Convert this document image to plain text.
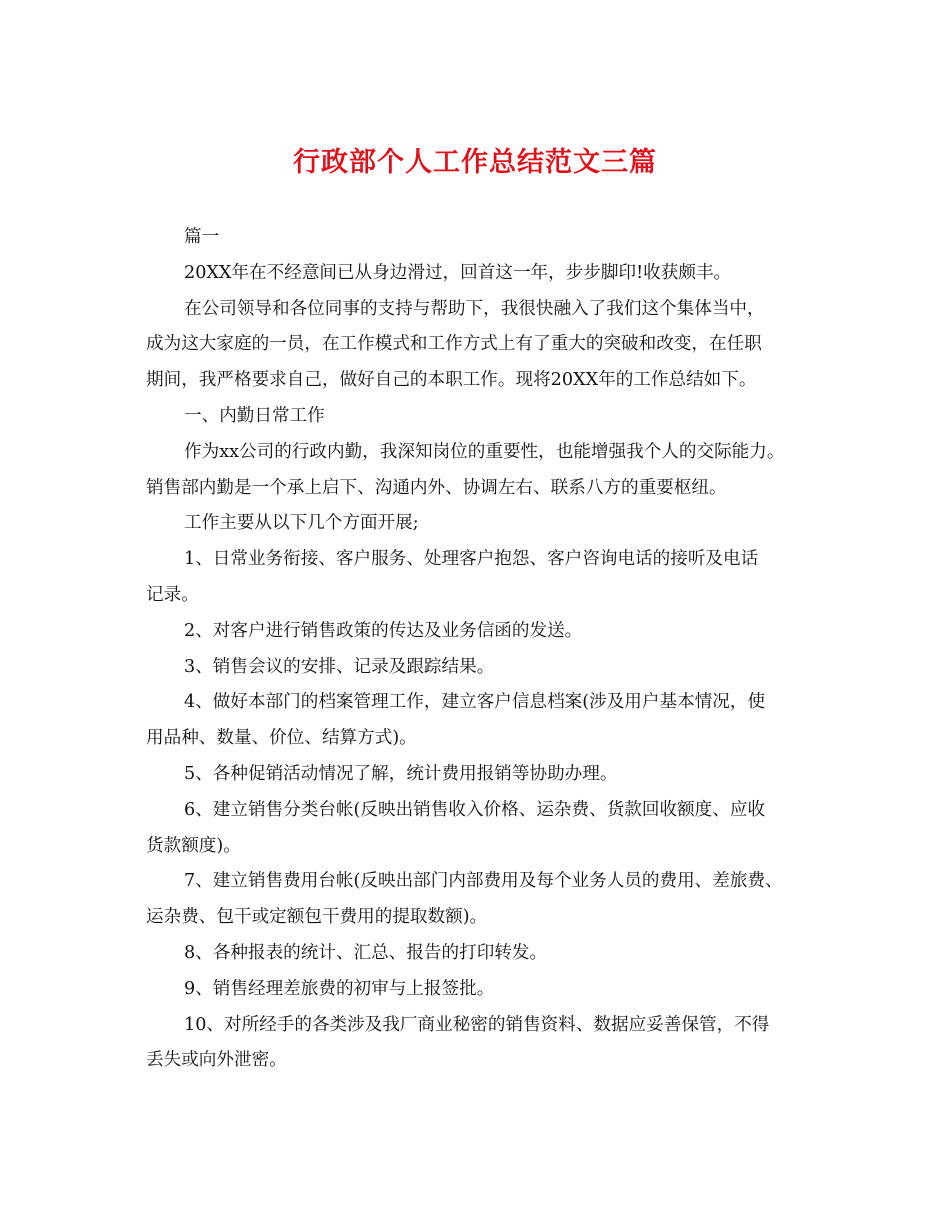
行政部个人工作总结范文三篇

篇一

20XX年在不经意间已从身边滑过，回首这一年，步步脚印!收获颇丰。

在公司领导和各位同事的支持与帮助下，我很快融入了我们这个集体当中，
成为这大家庭的一员，在工作模式和工作方式上有了重大的突破和改变，在任职
期间，我严格要求自己，做好自己的本职工作。现将20XX年的工作总结如下。

一、内勤日常工作

作为xx公司的行政内勤，我深知岗位的重要性，也能增强我个人的交际能力。
销售部内勤是一个承上启下、沟通内外、协调左右、联系八方的重要枢纽。

工作主要从以下几个方面开展;

1、日常业务衔接、客户服务、处理客户抱怨、客户咨询电话的接听及电话
记录。

2、对客户进行销售政策的传达及业务信函的发送。

3、销售会议的安排、记录及跟踪结果。

4、做好本部门的档案管理工作，建立客户信息档案(涉及用户基本情况，使
用品种、数量、价位、结算方式)。

5、各种促销活动情况了解，统计费用报销等协助办理。

6、建立销售分类台帐(反映出销售收入价格、运杂费、货款回收额度、应收
货款额度)。

7、建立销售费用台帐(反映出部门内部费用及每个业务人员的费用、差旅费、
运杂费、包干或定额包干费用的提取数额)。

8、各种报表的统计、汇总、报告的打印转发。

9、销售经理差旅费的初审与上报签批。

10、对所经手的各类涉及我厂商业秘密的销售资料、数据应妥善保管，不得
丢失或向外泄密。
